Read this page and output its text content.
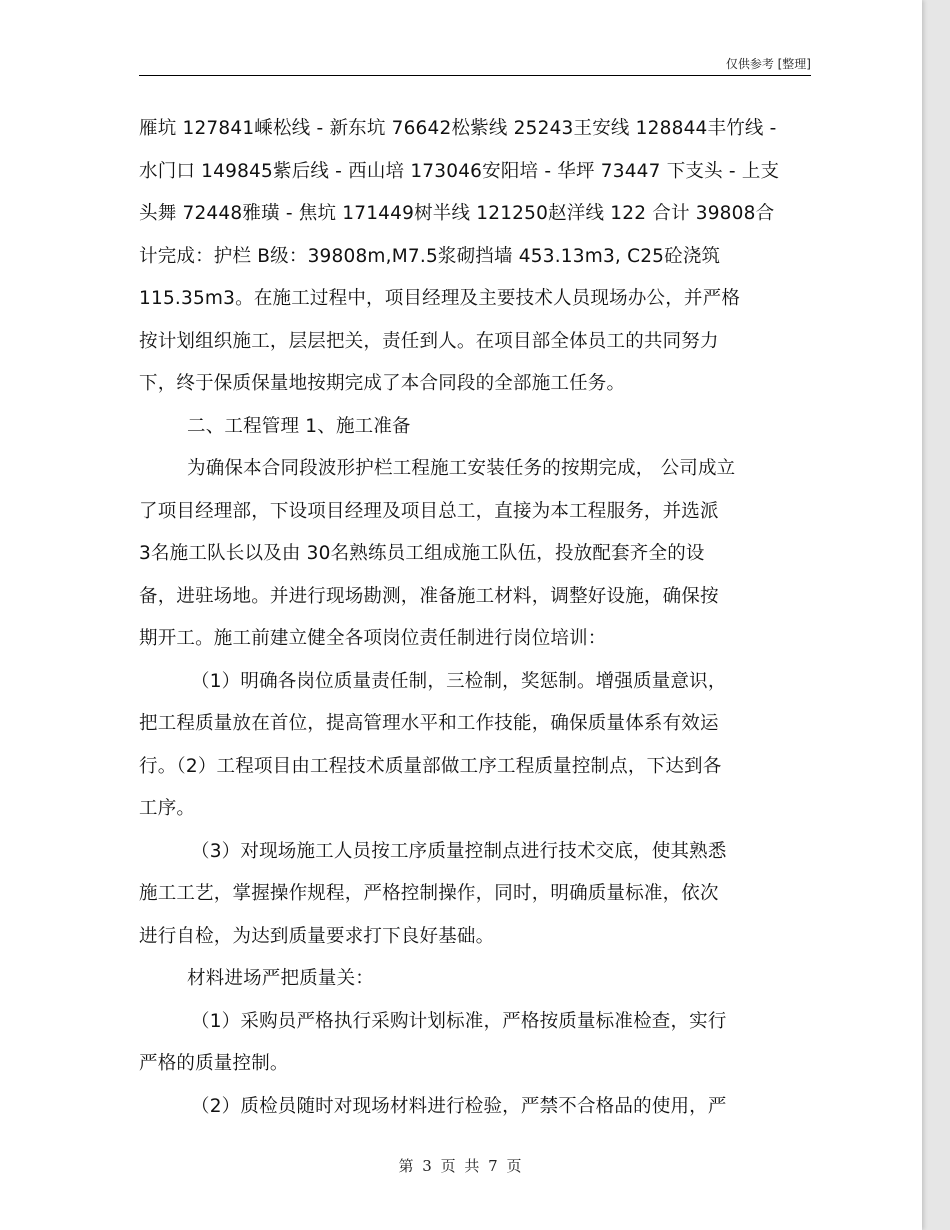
仅供参考 [整理]
雁坑 127841嵊松线 - 新东坑 76642松紫线 25243王安线 128844丰竹线 -
水门口 149845紫后线 - 西山培 173046安阳培 - 华坪 73447 下支头 - 上支
头舞 72448雅璜 - 焦坑 171449树半线 121250赵洋线 122 合计 39808合
计完成：护栏 B级：39808m,M7.5浆砌挡墙 453.13m3, C25砼浇筑
115.35m3。在施工过程中，项目经理及主要技术人员现场办公，并严格
按计划组织施工，层层把关，责任到人。在项目部全体员工的共同努力
下，终于保质保量地按期完成了本合同段的全部施工任务。
二、工程管理 1、施工准备
为确保本合同段波形护栏工程施工安装任务的按期完成， 公司成立
了项目经理部，下设项目经理及项目总工，直接为本工程服务，并选派
3名施工队长以及由 30名熟练员工组成施工队伍，投放配套齐全的设
备，进驻场地。并进行现场勘测，准备施工材料，调整好设施，确保按
期开工。施工前建立健全各项岗位责任制进行岗位培训：
（1）明确各岗位质量责任制，三检制，奖惩制。增强质量意识，
把工程质量放在首位，提高管理水平和工作技能，确保质量体系有效运
行。（2）工程项目由工程技术质量部做工序工程质量控制点，下达到各
工序。
（3）对现场施工人员按工序质量控制点进行技术交底，使其熟悉
施工工艺，掌握操作规程，严格控制操作，同时，明确质量标准，依次
进行自检，为达到质量要求打下良好基础。
材料进场严把质量关：
（1）采购员严格执行采购计划标准，严格按质量标准检查，实行
严格的质量控制。
（2）质检员随时对现场材料进行检验，严禁不合格品的使用，严
第 3 页 共 7 页
